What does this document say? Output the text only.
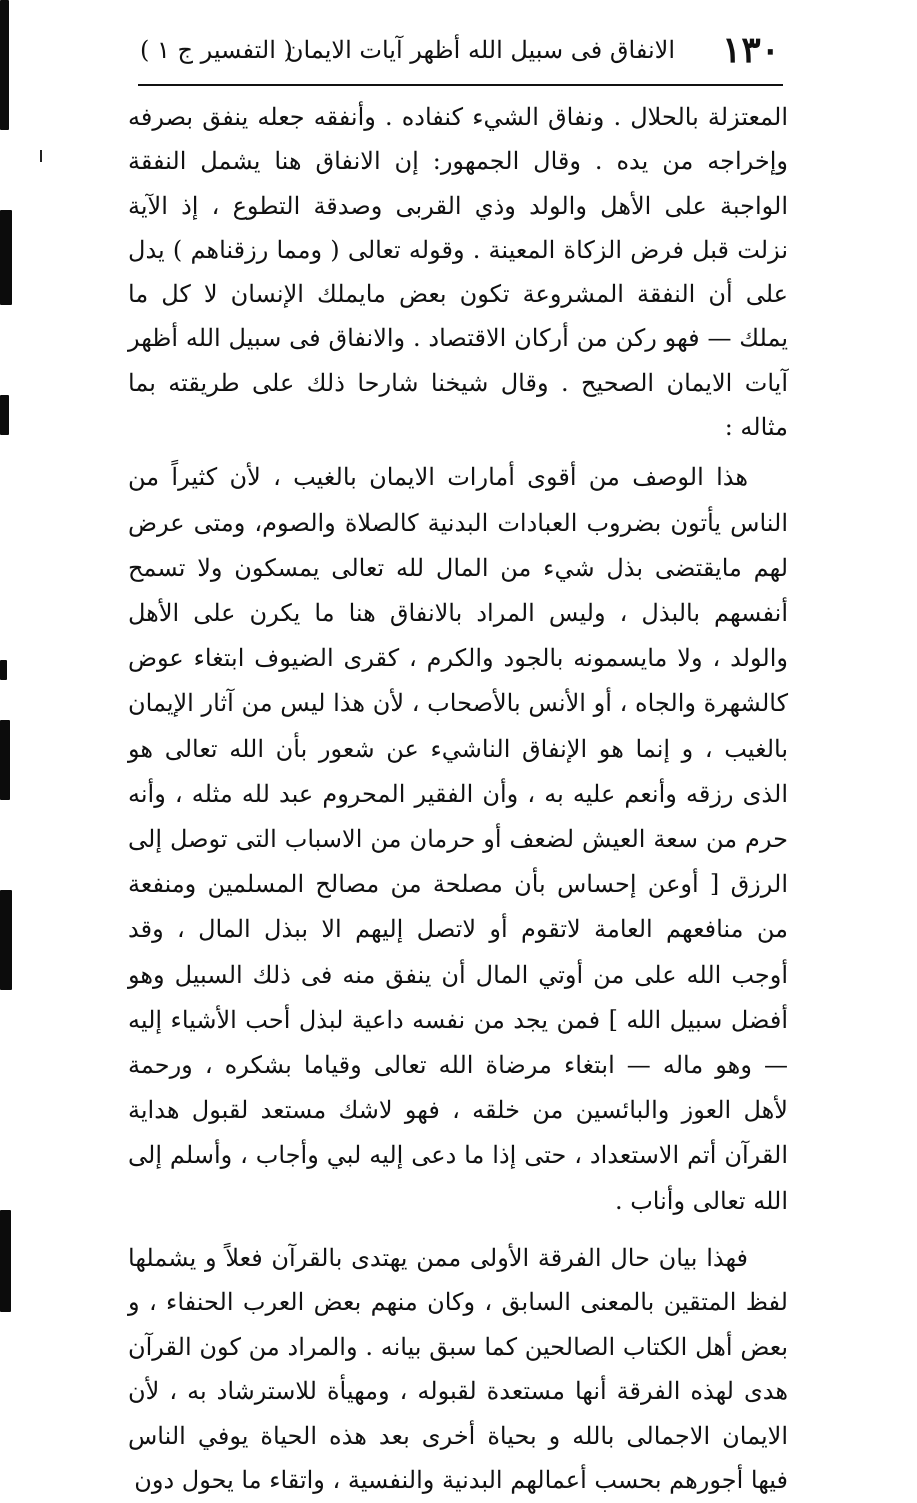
١٣٠
الانفاق فى سبيل الله أظهر آيات الايمان
( التفسير ج ١ )

المعتزلة بالحلال . ونفاق الشيء كنفاده . وأنفقه جعله ينفق بصرفه وإخراجه من يده . وقال الجمهور: إن الانفاق هنا يشمل النفقة الواجبة على الأهل والولد وذي القربى وصدقة التطوع ، إذ الآية نزلت قبل فرض الزكاة المعينة . وقوله تعالى ( ومما رزقناهم ) يدل على أن النفقة المشروعة تكون بعض مايملك الإنسان لا كل ما يملك — فهو ركن من أركان الاقتصاد . والانفاق فى سبيل الله أظهر آيات الايمان الصحيح . وقال شيخنا شارحا ذلك على طريقته بما مثاله :

هذا الوصف من أقوى أمارات الايمان بالغيب ، لأن كثيراً من الناس يأتون بضروب العبادات البدنية كالصلاة والصوم، ومتى عرض لهم مايقتضى بذل شيء من المال لله تعالى يمسكون ولا تسمح أنفسهم بالبذل ، وليس المراد بالانفاق هنا ما يكرن على الأهل والولد ، ولا مايسمونه بالجود والكرم ، كقرى الضيوف ابتغاء عوض كالشهرة والجاه ، أو الأنس بالأصحاب ، لأن هذا ليس من آثار الإيمان بالغيب ، و إنما هو الإنفاق الناشيء عن شعور بأن الله تعالى هو الذى رزقه وأنعم عليه به ، وأن الفقير المحروم عبد لله مثله ، وأنه حرم من سعة العيش لضعف أو حرمان من الاسباب التى توصل إلى الرزق [ أوعن إحساس بأن مصلحة من مصالح المسلمين ومنفعة من منافعهم العامة لاتقوم أو لاتصل إليهم الا ببذل المال ، وقد أوجب الله على من أوتي المال أن ينفق منه فى ذلك السبيل وهو أفضل سبيل الله ] فمن يجد من نفسه داعية لبذل أحب الأشياء إليه — وهو ماله — ابتغاء مرضاة الله تعالى وقياما بشكره ، ورحمة لأهل العوز والبائسين من خلقه ، فهو لاشك مستعد لقبول هداية القرآن أتم الاستعداد ، حتى إذا ما دعى إليه لبي وأجاب ، وأسلم إلى الله تعالى وأناب .

فهذا بيان حال الفرقة الأولى ممن يهتدى بالقرآن فعلاً و يشملها لفظ المتقين بالمعنى السابق ، وكان منهم بعض العرب الحنفاء ، و بعض أهل الكتاب الصالحين كما سبق بيانه . والمراد من كون القرآن هدى لهذه الفرقة أنها مستعدة لقبوله ، ومهيأة للاسترشاد به ، لأن الايمان الاجمالى بالله و بحياة أخرى بعد هذه الحياة يوفي الناس فيها أجورهم بحسب أعمالهم البدنية والنفسية ، واتقاء ما يحول دون
